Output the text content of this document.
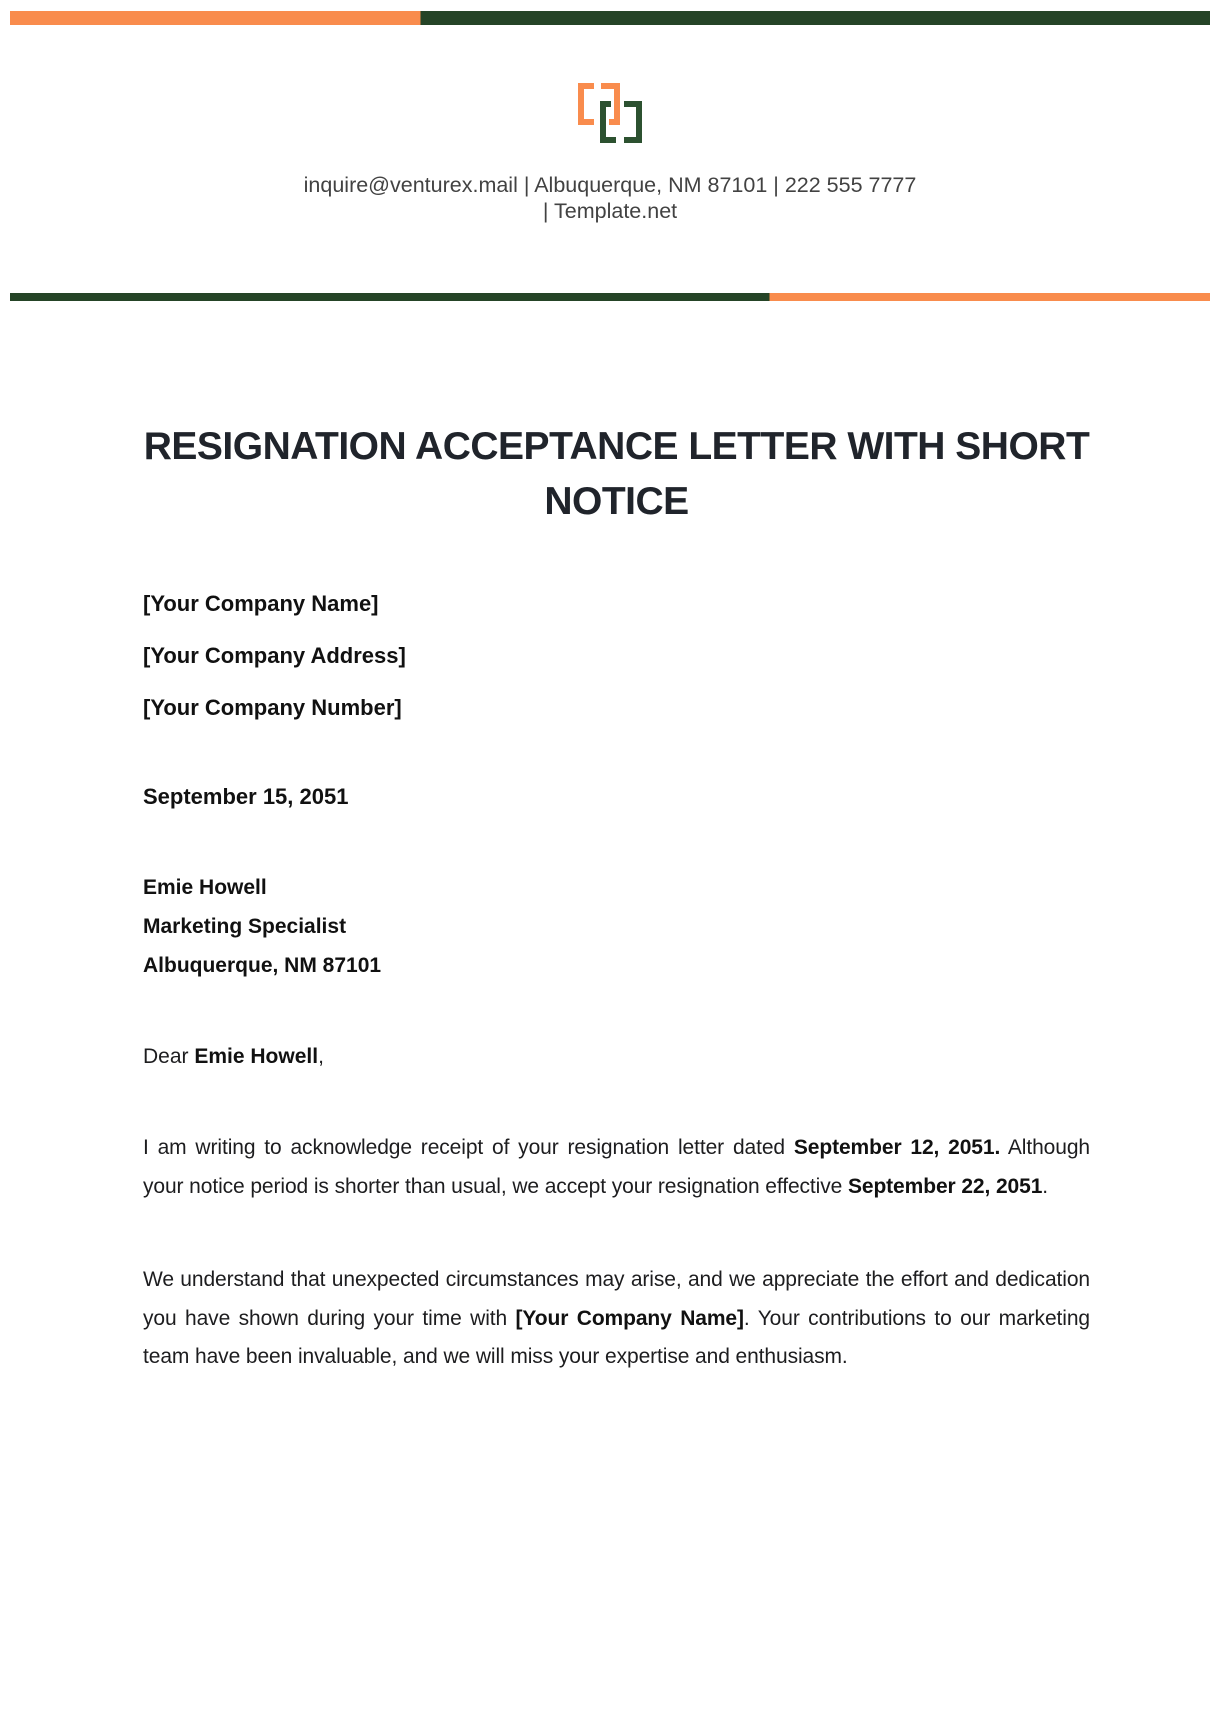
inquire@venturex.mail | Albuquerque, NM 87101 | 222 555 7777
| Template.net
RESIGNATION ACCEPTANCE LETTER WITH SHORT NOTICE

[Your Company Name]

[Your Company Address]

[Your Company Number]

September 15, 2051

Emie Howell

Marketing Specialist

Albuquerque, NM 87101

Dear Emie Howell,

I am writing to acknowledge receipt of your resignation letter dated September 12, 2051. Although your notice period is shorter than usual, we accept your resignation effective September 22, 2051.

We understand that unexpected circumstances may arise, and we appreciate the effort and dedication you have shown during your time with [Your Company Name]. Your contributions to our marketing team have been invaluable, and we will miss your expertise and enthusiasm.
